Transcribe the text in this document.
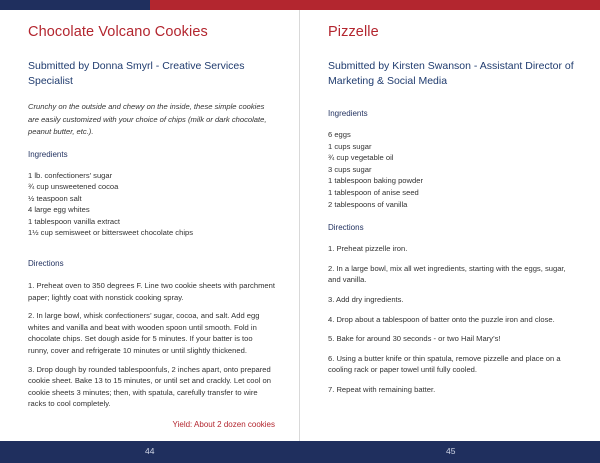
Chocolate Volcano Cookies

Submitted by Donna Smyrl - Creative Services Specialist

Crunchy on the outside and chewy on the inside, these simple cookies are easily customized with your choice of chips (milk or dark chocolate, peanut butter, etc.).

Ingredients

1 lb. confectioners’ sugar
¾ cup unsweetened cocoa
½ teaspoon salt
4 large egg whites
1 tablespoon vanilla extract
1½ cup semisweet or bittersweet chocolate chips

Directions

1. Preheat oven to 350 degrees F. Line two cookie sheets with parchment paper; lightly coat with nonstick cooking spray.

2. In large bowl, whisk confectioners’ sugar, cocoa, and salt. Add egg whites and vanilla and beat with wooden spoon until smooth. Fold in chocolate chips. Set dough aside for 5 minutes. If your batter is too runny, cover and refrigerate 10 minutes or until slightly thickened.

3. Drop dough by rounded tablespoonfuls, 2 inches apart, onto prepared cookie sheet. Bake 13 to 15 minutes, or until set and crackly. Let cool on cookie sheets 3 minutes; then, with spatula, carefully transfer to wire racks to cool completely.

Yield: About 2 dozen cookies

Pizzelle

Submitted by Kirsten Swanson - Assistant Director of Marketing & Social Media

Ingredients

6 eggs
1 cups sugar
¾ cup vegetable oil
3 cups sugar
1 tablespoon baking powder
1 tablespoon of anise seed
2 tablespoons of vanilla

Directions

1. Preheat pizzelle iron.

2. In a large bowl, mix all wet ingredients, starting with the eggs, sugar, and vanilla.

3. Add dry ingredients.

4. Drop about a tablespoon of batter onto the puzzle iron and close.

5. Bake for around 30 seconds - or two Hail Mary’s!

6. Using a butter knife or thin spatula, remove pizzelle and place on a cooling rack or paper towel until fully cooled.

7. Repeat with remaining batter.

44	45
